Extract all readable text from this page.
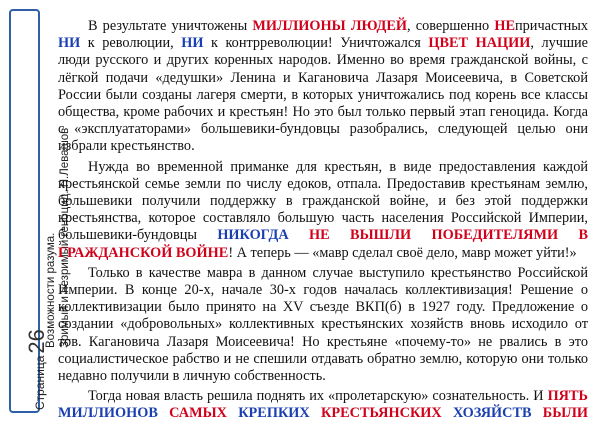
Страница26
Возможности разума. Зримый и незримый геноцид. Н.Левашов

В результате уничтожены МИЛЛИОНЫ ЛЮДЕЙ, совершенно НЕпричастных НИ к революции, НИ к контрреволюции! Уничтожался ЦВЕТ НАЦИИ, лучшие люди русского и других коренных народов. Именно во время гражданской войны, с лёгкой подачи «дедушки» Ленина и Кагановича Лазаря Моисеевича, в Советской России были созданы лагеря смерти, в которых уничтожались под корень все классы общества, кроме рабочих и крестьян! Но это был только первый этап геноцида. Когда с «эксплуататорами» большевики-бундовцы разобрались, следующей целью они избрали крестьянство.

Нужда во временной приманке для крестьян, в виде предоставления каждой крестьянской семье земли по числу едоков, отпала. Предоставив крестьянам землю, большевики получили поддержку в гражданской войне, и без этой поддержки крестьянства, которое составляло большую часть населения Российской Империи, большевики-бундовцы НИКОГДА НЕ ВЫШЛИ ПОБЕДИТЕЛЯМИ В ГРАЖДАНСКОЙ ВОЙНЕ! А теперь — «мавр сделал своё дело, мавр может уйти!»

Только в качестве мавра в данном случае выступило крестьянство Российской Империи. В конце 20-х, начале 30-х годов началась коллективизация! Решение о коллективизации было принято на XV съезде ВКП(б) в 1927 году. Предложение о создании «добровольных» коллективных крестьянских хозяйств вновь исходило от тов. Кагановича Лазаря Моисеевича! Но крестьяне «почему-то» не рвались в это социалистическое рабство и не спешили отдавать обратно землю, которую они только недавно получили в личную собственность.

Тогда новая власть решила поднять их «пролетарскую» сознательность. И ПЯТЬ МИЛЛИОНОВ САМЫХ КРЕПКИХ КРЕСТЬЯНСКИХ ХОЗЯЙСТВ БЫЛИ
